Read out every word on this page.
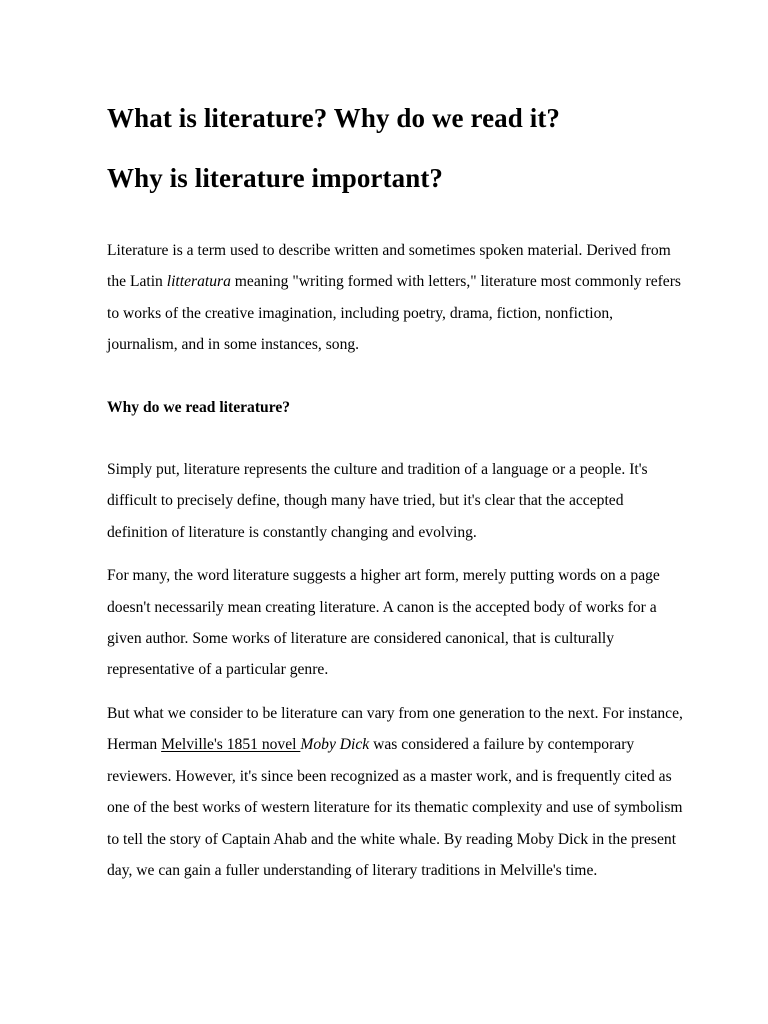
What is literature? Why do we read it?
Why is literature important?

Literature is a term used to describe written and sometimes spoken material. Derived from the Latin litteratura meaning "writing formed with letters," literature most commonly refers to works of the creative imagination, including poetry, drama, fiction, nonfiction, journalism, and in some instances, song.

Why do we read literature?

Simply put, literature represents the culture and tradition of a language or a people. It's difficult to precisely define, though many have tried, but it's clear that the accepted definition of literature is constantly changing and evolving.

For many, the word literature suggests a higher art form, merely putting words on a page doesn't necessarily mean creating literature. A canon is the accepted body of works for a given author. Some works of literature are considered canonical, that is culturally representative of a particular genre.

But what we consider to be literature can vary from one generation to the next. For instance, Herman Melville's 1851 novel Moby Dick was considered a failure by contemporary reviewers. However, it's since been recognized as a master work, and is frequently cited as one of the best works of western literature for its thematic complexity and use of symbolism to tell the story of Captain Ahab and the white whale. By reading Moby Dick in the present day, we can gain a fuller understanding of literary traditions in Melville's time.
